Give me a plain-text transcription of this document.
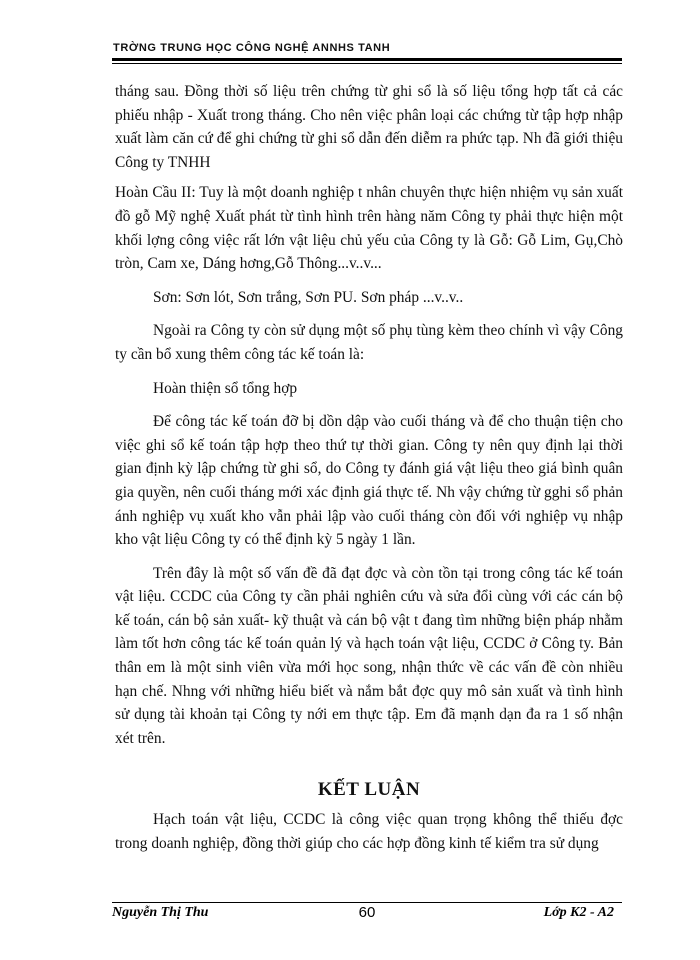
TRỜNG TRUNG HỌC CÔNG NGHỆ ANNHS TANH

tháng sau. Đồng thời số liệu trên chứng từ ghi sổ là số liệu tổng hợp tất cả các phiếu nhập - Xuất trong tháng. Cho nên việc phân loại các chứng từ tập hợp nhập xuất làm căn cứ để ghi chứng từ ghi sổ dẫn đến diễm ra phức tạp. Nh đã giới thiệu Công ty TNHH

Hoàn Cầu II: Tuy là một doanh nghiệp t nhân chuyên thực hiện nhiệm vụ sản xuất đồ gỗ Mỹ nghệ Xuất phát từ tình hình trên hàng năm Công ty phải thực hiện một khối lợng công việc rất lớn vật liệu chủ yếu của Công ty là Gỗ: Gỗ Lim, Gụ,Chò tròn, Cam xe, Dáng hơng,Gỗ Thông...v..v...

Sơn: Sơn lót, Sơn trắng, Sơn PU. Sơn pháp ...v..v..

Ngoài ra Công ty còn sử dụng một số phụ tùng kèm theo chính vì vậy Công ty cần bổ xung thêm công tác kế toán là:

Hoàn thiện sổ tổng hợp

Để công tác kế toán đỡ bị dồn dập vào cuối tháng và để cho thuận tiện cho việc ghi sổ kế toán tập hợp theo thứ tự thời gian. Công ty nên quy định lại thời gian định kỳ lập chứng từ ghi sổ, do Công ty đánh giá vật liệu theo giá bình quân gia quyền, nên cuối tháng mới xác định giá thực tế. Nh vậy chứng từ gghi sổ phản ánh nghiệp vụ xuất kho vẫn phải lập vào cuối tháng còn đối với nghiệp vụ nhập kho vật liệu Công ty có thể định kỳ 5 ngày 1 lần.

Trên đây là một số vấn đề đã đạt đợc và còn tồn tại trong công tác kế toán vật liệu. CCDC của Công ty cần phải nghiên cứu và sửa đổi cùng với các cán bộ kế toán, cán bộ sản xuất- kỹ thuật và cán bộ vật t đang tìm những biện pháp nhằm làm tốt hơn công tác kế toán quản lý và hạch toán vật liệu, CCDC ở Công ty. Bản thân em là một sinh viên vừa mới học song, nhận thức về các vấn đề còn nhiều hạn chế. Nhng với những hiểu biết và nắm bắt đợc quy mô sản xuất và tình hình sử dụng tài khoản tại Công ty nới em thực tập. Em đã mạnh dạn đa ra 1 số nhận xét trên.

KẾT LUẬN

Hạch toán vật liệu, CCDC là công việc quan trọng không thể thiếu đợc trong doanh nghiệp, đồng thời giúp cho các hợp đồng kinh tế kiểm tra sử dụng

Nguyễn Thị Thu	60	Lớp K2 - A2
